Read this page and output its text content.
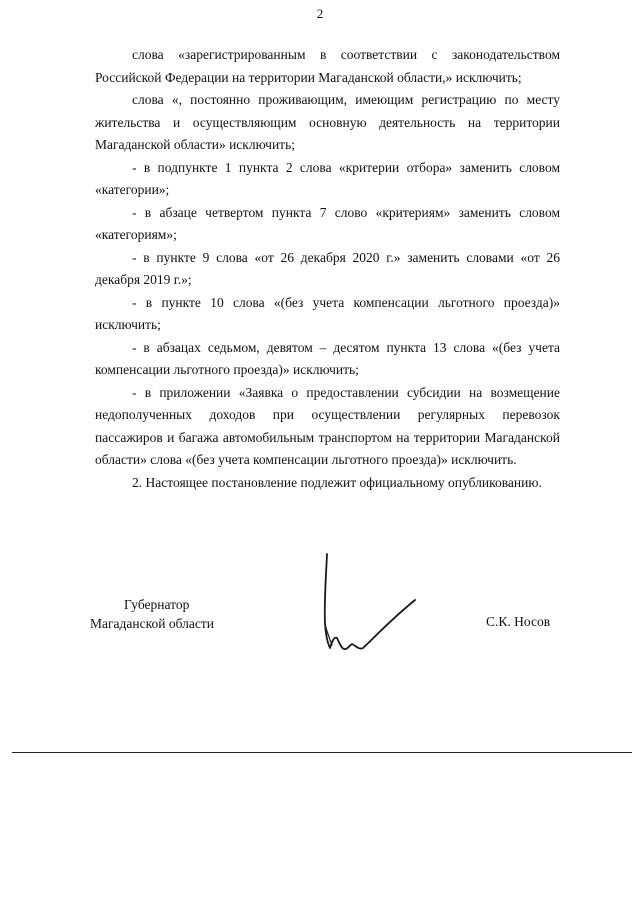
2

слова «зарегистрированным в соответствии с законодательством Российской Федерации на территории Магаданской области,» исключить;

слова «, постоянно проживающим, имеющим регистрацию по месту жительства и осуществляющим основную деятельность на территории Магаданской области» исключить;

- в подпункте 1 пункта 2 слова «критерии отбора» заменить словом «категории»;

- в абзаце четвертом пункта 7 слово «критериям» заменить словом «категориям»;

- в пункте 9 слова «от 26 декабря 2020 г.» заменить словами «от 26 декабря 2019 г.»;

- в пункте 10 слова «(без учета компенсации льготного проезда)» исключить;

- в абзацах седьмом, девятом – десятом пункта 13 слова «(без учета компенсации льготного проезда)» исключить;

- в приложении «Заявка о предоставлении субсидии на возмещение недополученных доходов при осуществлении регулярных перевозок пассажиров и багажа автомобильным транспортом на территории Магаданской области» слова «(без учета компенсации льготного проезда)» исключить.

2. Настоящее постановление подлежит официальному опубликованию.

Губернатор
Магаданской области	С.К. Носов
